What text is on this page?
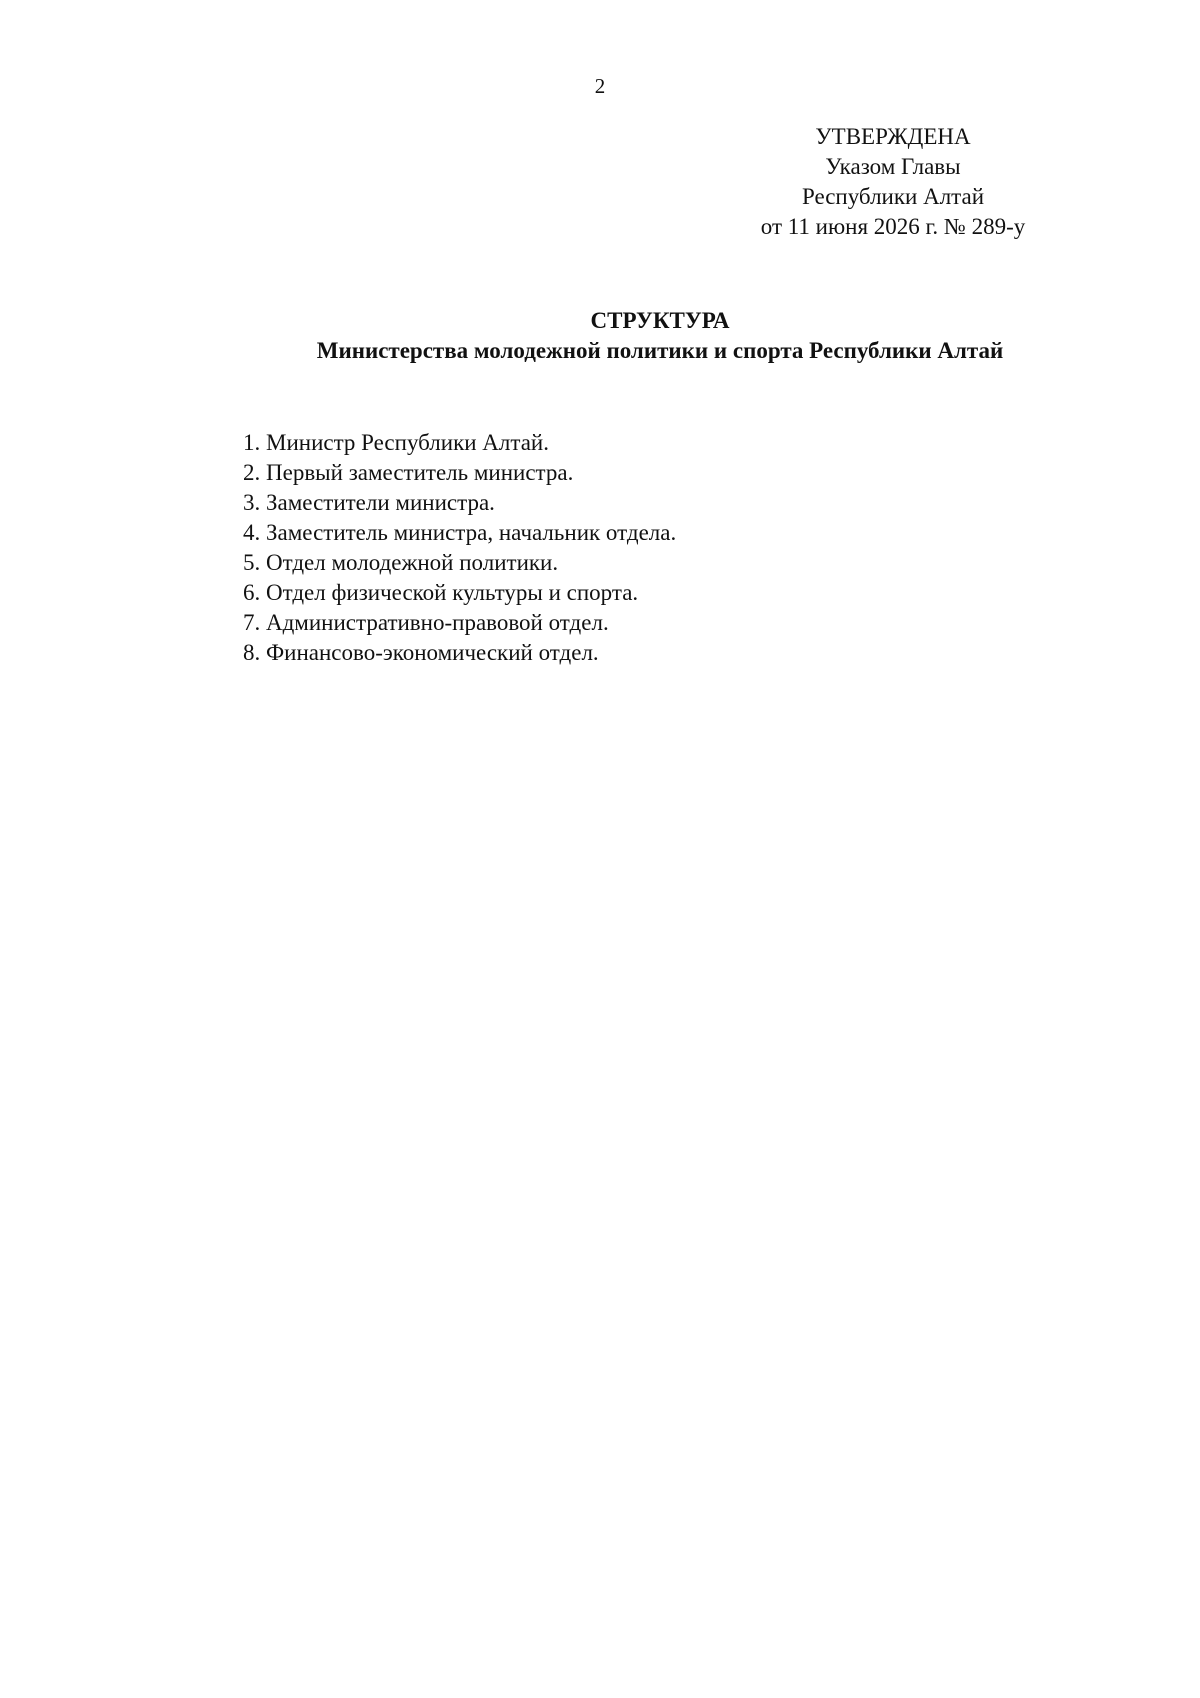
2
УТВЕРЖДЕНА
Указом Главы
Республики Алтай
от 11 июня 2026 г. № 289-у
СТРУКТУРА
Министерства молодежной политики и спорта Республики Алтай
1. Министр Республики Алтай.
2. Первый заместитель министра.
3. Заместители министра.
4. Заместитель министра, начальник отдела.
5. Отдел молодежной политики.
6. Отдел физической культуры и спорта.
7. Административно-правовой отдел.
8. Финансово-экономический отдел.
